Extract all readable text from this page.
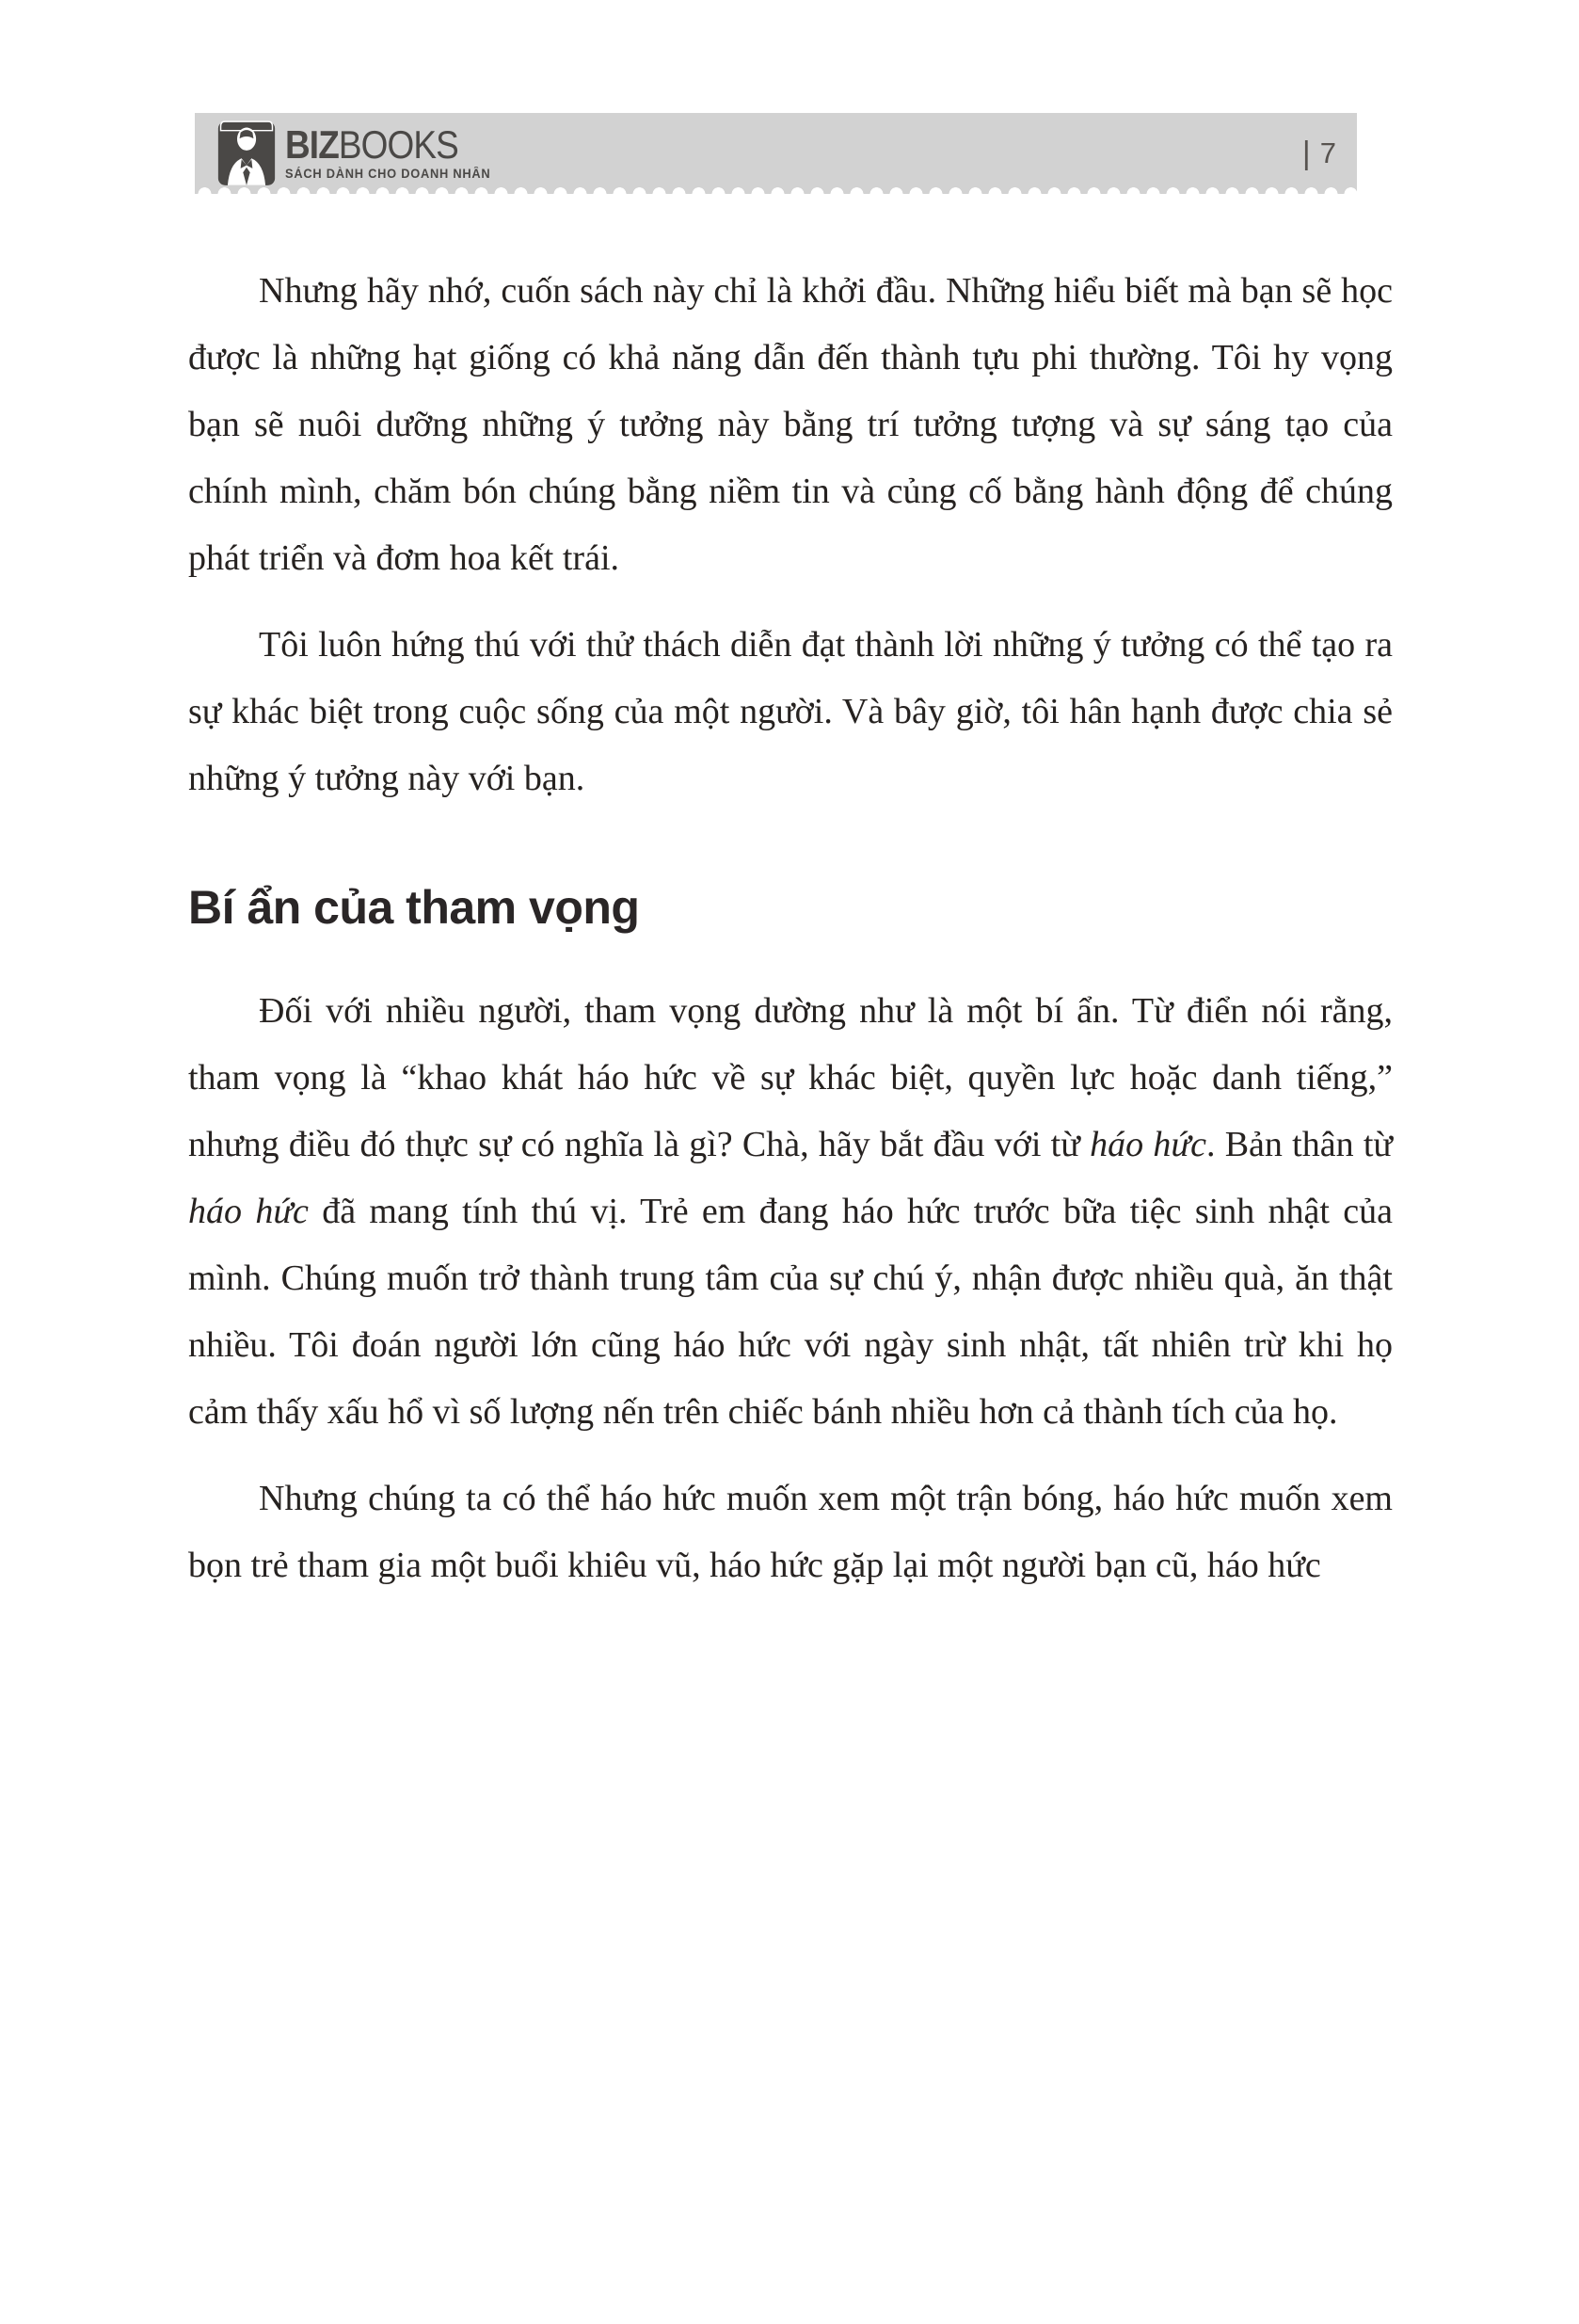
BIZBOOKS
SÁCH DÀNH CHO DOANH NHÂN
| 7

Nhưng hãy nhớ, cuốn sách này chỉ là khởi đầu. Những hiểu biết mà bạn sẽ học được là những hạt giống có khả năng dẫn đến thành tựu phi thường. Tôi hy vọng bạn sẽ nuôi dưỡng những ý tưởng này bằng trí tưởng tượng và sự sáng tạo của chính mình, chăm bón chúng bằng niềm tin và củng cố bằng hành động để chúng phát triển và đơm hoa kết trái.

Tôi luôn hứng thú với thử thách diễn đạt thành lời những ý tưởng có thể tạo ra sự khác biệt trong cuộc sống của một người. Và bây giờ, tôi hân hạnh được chia sẻ những ý tưởng này với bạn.

Bí ẩn của tham vọng

Đối với nhiều người, tham vọng dường như là một bí ẩn. Từ điển nói rằng, tham vọng là “khao khát háo hức về sự khác biệt, quyền lực hoặc danh tiếng,” nhưng điều đó thực sự có nghĩa là gì? Chà, hãy bắt đầu với từ háo hức. Bản thân từ háo hức đã mang tính thú vị. Trẻ em đang háo hức trước bữa tiệc sinh nhật của mình. Chúng muốn trở thành trung tâm của sự chú ý, nhận được nhiều quà, ăn thật nhiều. Tôi đoán người lớn cũng háo hức với ngày sinh nhật, tất nhiên trừ khi họ cảm thấy xấu hổ vì số lượng nến trên chiếc bánh nhiều hơn cả thành tích của họ.

Nhưng chúng ta có thể háo hức muốn xem một trận bóng, háo hức muốn xem bọn trẻ tham gia một buổi khiêu vũ, háo hức gặp lại một người bạn cũ, háo hức
